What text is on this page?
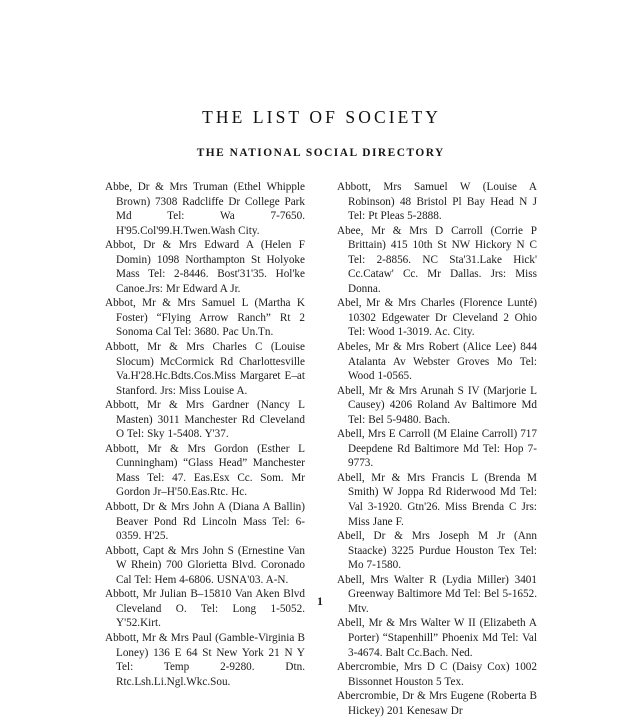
THE LIST OF SOCIETY
THE NATIONAL SOCIAL DIRECTORY

Abbe, Dr & Mrs Truman (Ethel Whipple Brown) 7308 Radcliffe Dr College Park Md Tel: Wa 7-7650. H'95.Col'99.H.Twen.Wash City.

Abbot, Dr & Mrs Edward A (Helen F Domin) 1098 Northampton St Holyoke Mass Tel: 2-8446. Bost'31'35. Hol'ke Canoe.Jrs: Mr Edward A Jr.

Abbot, Mr & Mrs Samuel L (Martha K Foster) “Flying Arrow Ranch” Rt 2 Sonoma Cal Tel: 3680. Pac Un.Tn.

Abbott, Mr & Mrs Charles C (Louise Slocum) McCormick Rd Charlottesville Va.H'28.Hc.Bdts.Cos.Miss Margaret E–at Stanford. Jrs: Miss Louise A.

Abbott, Mr & Mrs Gardner (Nancy L Masten) 3011 Manchester Rd Cleveland O Tel: Sky 1-5408. Y'37.

Abbott, Mr & Mrs Gordon (Esther L Cunningham) “Glass Head” Manchester Mass Tel: 47. Eas.Esx Cc. Som. Mr Gordon Jr–H'50.Eas.Rtc. Hc.

Abbott, Dr & Mrs John A (Diana A Ballin) Beaver Pond Rd Lincoln Mass Tel: 6-0359. H'25.

Abbott, Capt & Mrs John S (Ernestine Van W Rhein) 700 Glorietta Blvd. Coronado Cal Tel: Hem 4-6806. USNA'03. A-N.

Abbott, Mr Julian B–15810 Van Aken Blvd Cleveland O. Tel: Long 1-5052. Y'52.Kirt.

Abbott, Mr & Mrs Paul (Gamble-Virginia B Loney) 136 E 64 St New York 21 N Y Tel: Temp 2-9280. Dtn. Rtc.Lsh.Li.Ngl.Wkc.Sou.

Abbott, Mrs Samuel W (Louise A Robinson) 48 Bristol Pl Bay Head N J Tel: Pt Pleas 5-2888.

Abee, Mr & Mrs D Carroll (Corrie P Brittain) 415 10th St NW Hickory N C Tel: 2-8856. NC Sta'31.Lake Hick' Cc.Cataw' Cc. Mr Dallas. Jrs: Miss Donna.

Abel, Mr & Mrs Charles (Florence Lunté) 10302 Edgewater Dr Cleveland 2 Ohio Tel: Wood 1-3019. Ac. City.

Abeles, Mr & Mrs Robert (Alice Lee) 844 Atalanta Av Webster Groves Mo Tel: Wood 1-0565.

Abell, Mr & Mrs Arunah S IV (Marjorie L Causey) 4206 Roland Av Baltimore Md Tel: Bel 5-9480. Bach.

Abell, Mrs E Carroll (M Elaine Carroll) 717 Deepdene Rd Baltimore Md Tel: Hop 7-9773.

Abell, Mr & Mrs Francis L (Brenda M Smith) W Joppa Rd Riderwood Md Tel: Val 3-1920. Gtn'26. Miss Brenda C Jrs: Miss Jane F.

Abell, Dr & Mrs Joseph M Jr (Ann Staacke) 3225 Purdue Houston Tex Tel: Mo 7-1580.

Abell, Mrs Walter R (Lydia Miller) 3401 Greenway Baltimore Md Tel: Bel 5-1652. Mtv.

Abell, Mr & Mrs Walter W II (Elizabeth A Porter) “Stapenhill” Phoenix Md Tel: Val 3-4674. Balt Cc.Bach. Ned.

Abercrombie, Mrs D C (Daisy Cox) 1002 Bissonnet Houston 5 Tex.

Abercrombie, Dr & Mrs Eugene (Roberta B Hickey) 201 Kenesaw Dr

1
